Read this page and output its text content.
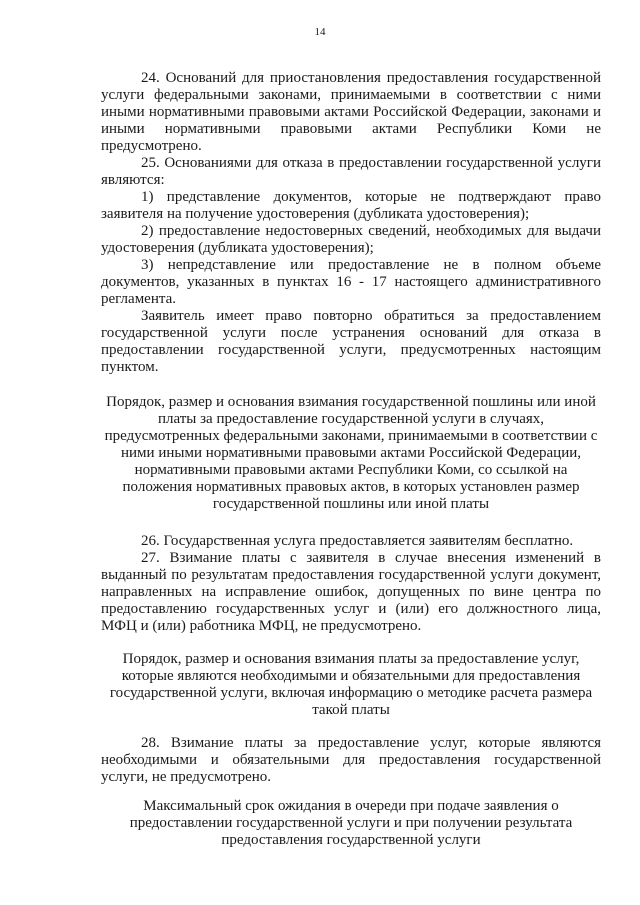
14

24. Оснований для приостановления предоставления государственной услуги федеральными законами, принимаемыми в соответствии с ними иными нормативными правовыми актами Российской Федерации, законами и иными нормативными правовыми актами Республики Коми не предусмотрено.

25. Основаниями для отказа в предоставлении государственной услуги являются:

1) представление документов, которые не подтверждают право заявителя на получение удостоверения (дубликата удостоверения);

2) предоставление недостоверных сведений, необходимых для выдачи удостоверения (дубликата удостоверения);

3) непредставление или предоставление не в полном объеме документов, указанных в пунктах 16 - 17 настоящего административного регламента.

Заявитель имеет право повторно обратиться за предоставлением государственной услуги после устранения оснований для отказа в предоставлении государственной услуги, предусмотренных настоящим пунктом.

Порядок, размер и основания взимания государственной пошлины или иной платы за предоставление государственной услуги в случаях, предусмотренных федеральными законами, принимаемыми в соответствии с ними иными нормативными правовыми актами Российской Федерации, нормативными правовыми актами Республики Коми, со ссылкой на положения нормативных правовых актов, в которых установлен размер государственной пошлины или иной платы

26. Государственная услуга предоставляется заявителям бесплатно.

27. Взимание платы с заявителя в случае внесения изменений в выданный по результатам предоставления государственной услуги документ, направленных на исправление ошибок, допущенных по вине центра по предоставлению государственных услуг и (или) его должностного лица, МФЦ и (или) работника МФЦ, не предусмотрено.

Порядок, размер и основания взимания платы за предоставление услуг, которые являются необходимыми и обязательными для предоставления государственной услуги, включая информацию о методике расчета размера такой платы

28. Взимание платы за предоставление услуг, которые являются необходимыми и обязательными для предоставления государственной услуги, не предусмотрено.

Максимальный срок ожидания в очереди при подаче заявления о предоставлении государственной услуги и при получении результата предоставления государственной услуги
